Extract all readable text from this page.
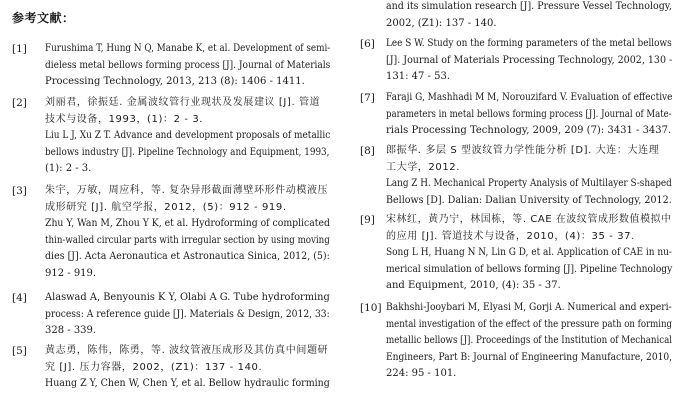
参考文献：
[1] Furushima T, Hung N Q, Manabe K, et al. Development of semi-
dieless metal bellows forming process [J]. Journal of Materials
Processing Technology, 2013, 213 (8): 1406 - 1411.
[2] 刘丽君，徐振廷. 金属波纹管行业现状及发展建议 [J]. 管道
技术与设备，1993，(1)：2 - 3.
Liu L J, Xu Z T. Advance and development proposals of metallic
bellows industry [J]. Pipeline Technology and Equipment, 1993,
(1): 2 - 3.
[3] 朱宇，万敏，周应科，等. 复杂异形截面薄壁环形件动模液压
成形研究 [J]. 航空学报，2012，(5)：912 - 919.
Zhu Y, Wan M, Zhou Y K, et al. Hydroforming of complicated
thin-walled circular parts with irregular section by using moving
dies [J]. Acta Aeronautica et Astronautica Sinica, 2012, (5):
912 - 919.
[4] Alaswad A, Benyounis K Y, Olabi A G. Tube hydroforming
process: A reference guide [J]. Materials & Design, 2012, 33:
328 - 339.
[5] 黄志勇，陈伟，陈勇，等. 波纹管液压成形及其仿真中间题研
究 [J]. 压力容器，2002，(Z1)：137 - 140.
Huang Z Y, Chen W, Chen Y, et al. Bellow hydraulic forming
and its simulation research [J]. Pressure Vessel Technology,
2002, (Z1): 137 - 140.
[6] Lee S W. Study on the forming parameters of the metal bellows
[J]. Journal of Materials Processing Technology, 2002, 130 -
131: 47 - 53.
[7] Faraji G, Mashhadi M M, Norouzifard V. Evaluation of effective
parameters in metal bellows forming process [J]. Journal of Mate-
rials Processing Technology, 2009, 209 (7): 3431 - 3437.
[8] 郎振华. 多层 S 型波纹管力学性能分析 [D]. 大连：大连理
工大学，2012.
Lang Z H. Mechanical Property Analysis of Multilayer S-shaped
Bellows [D]. Dalian: Dalian University of Technology, 2012.
[9] 宋林红，黄乃宁，林国栋，等. CAE 在波纹管成形数值模拟中
的应用 [J]. 管道技术与设备，2010，(4)：35 - 37.
Song L H, Huang N N, Lin G D, et al. Application of CAE in nu-
merical simulation of bellows forming [J]. Pipeline Technology
and Equipment, 2010, (4): 35 - 37.
[10] Bakhshi-Jooybari M, Elyasi M, Gorji A. Numerical and experi-
mental investigation of the effect of the pressure path on forming
metallic bellows [J]. Proceedings of the Institution of Mechanical
Engineers, Part B: Journal of Engineering Manufacture, 2010,
224: 95 - 101.
